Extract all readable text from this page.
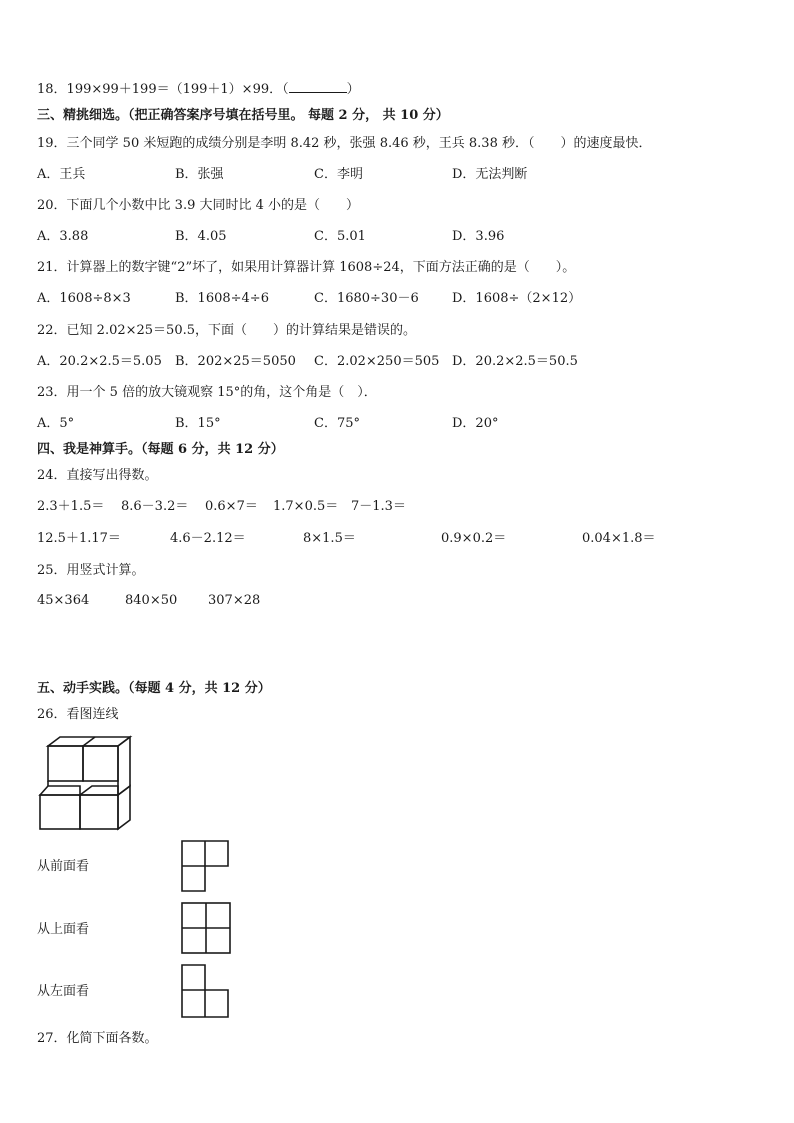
18．199×99＋199＝（199＋1）×99．（	）
三、精挑细选。（把正确答案序号填在括号里。 每题 2 分， 共 10 分）
19．三个同学 50 米短跑的成绩分别是李明 8.42 秒，张强 8.46 秒，王兵 8.38 秒．（　　）的速度最快．
A．王兵	B．张强	C．李明	D．无法判断
20．下面几个小数中比 3.9 大同时比 4 小的是（　　）
A．3.88	B．4.05	C．5.01	D．3.96
21．计算器上的数字键“2”坏了，如果用计算器计算 1608÷24，下面方法正确的是（　　）。
A．1608÷8×3	B．1608÷4÷6	C．1680÷30－6	D．1608÷（2×12）
22．已知 2.02×25＝50.5，下面（　　）的计算结果是错误的。
A．20.2×2.5＝5.05 B．202×25＝5050 C．2.02×250＝505 D．20.2×2.5＝50.5
23．用一个 5 倍的放大镜观察 15°的角，这个角是（　）．
A．5°	B．15°	C．75°	D．20°
四、我是神算手。（每题 6 分，共 12 分）
24．直接写出得数。
2.3＋1.5＝ 8.6－3.2＝ 0.6×7＝ 1.7×0.5＝ 7－1.3＝
12.5＋1.17＝	4.6－2.12＝	8×1.5＝	0.9×0.2＝	0.04×1.8＝
25．用竖式计算。
45×364	840×50 307×28
五、动手实践。（每题 4 分，共 12 分）
26．看图连线
从前面看
从上面看
从左面看
27．化简下面各数。
